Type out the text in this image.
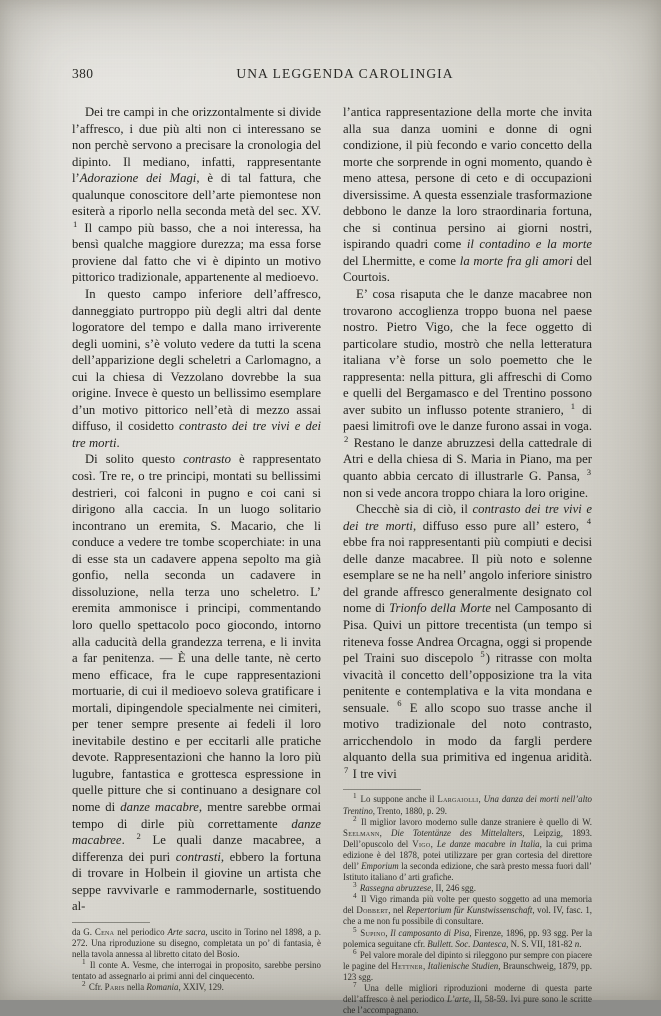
380	UNA LEGGENDA CAROLINGIA

Dei tre campi in che orizzontalmente si divide l’affresco, i due più alti non ci interessano se non perchè servono a precisare la cronologia del dipinto. Il mediano, infatti, rappresentante l’Adorazione dei Magi, è di tal fattura, che qualunque conoscitore dell’arte piemontese non esiterà a riporlo nella seconda metà del sec. XV. $^1$ Il campo più basso, che a noi interessa, ha bensì qualche maggiore durezza; ma essa forse proviene dal fatto che vi è dipinto un motivo pittorico tradizionale, appartenente al medioevo.

In questo campo inferiore dell’affresco, danneggiato purtroppo più degli altri dal dente logoratore del tempo e dalla mano irriverente degli uomini, s’è voluto vedere da tutti la scena dell’apparizione degli scheletri a Carlomagno, a cui la chiesa di Vezzolano dovrebbe la sua origine. Invece è questo un bellissimo esemplare d’un motivo pittorico nell’età di mezzo assai diffuso, il cosidetto contrasto dei tre vivi e dei tre morti.

Di solito questo contrasto è rappresentato così. Tre re, o tre principi, montati su bellissimi destrieri, coi falconi in pugno e coi cani si dirigono alla caccia. In un luogo solitario incontrano un eremita, S. Macario, che li conduce a vedere tre tombe scoperchiate: in una di esse sta un cadavere appena sepolto ma già gonfio, nella seconda un cadavere in dissoluzione, nella terza uno scheletro. L’ eremita ammonisce i principi, commentando loro quello spettacolo poco giocondo, intorno alla caducità della grandezza terrena, e li invita a far penitenza. — È una delle tante, nè certo meno efficace, fra le cupe rappresentazioni mortuarie, di cui il medioevo soleva gratificare i mortali, dipingendole specialmente nei cimiteri, per tener sempre presente ai fedeli il loro inevitabile destino e per eccitarli alle pratiche devote. Rappresentazioni che hanno la loro più lugubre, fantastica e grottesca espressione in quelle pitture che si continuano a designare col nome di danze macabre, mentre sarebbe ormai tempo di dirle più correttamente danze macabree. $^2$ Le quali danze macabree, a differenza dei puri contrasti, ebbero la fortuna di trovare in Holbein il giovine un artista che seppe ravvivarle e rammodernarle, sostituendo al-

da G. Cena nel periodico Arte sacra, uscito in Torino nel 1898, a p. 272. Una riproduzione su disegno, completata un po’ di fantasia, è nella tavola annessa al libretto citato del Bosio.

$^1$ Il conte A. Vesme, che interrogai in proposito, sarebbe persino tentato ad assegnarlo ai primi anni del cinquecento.

$^2$ Cfr. Paris nella Romania, XXIV, 129.

l’antica rappresentazione della morte che invita alla sua danza uomini e donne di ogni condizione, il più fecondo e vario concetto della morte che sorprende in ogni momento, quando è meno attesa, persone di ceto e di occupazioni diversissime. A questa essenziale trasformazione debbono le danze la loro straordinaria fortuna, che si continua persino ai giorni nostri, ispirando quadri come il contadino e la morte del Lhermitte, e come la morte fra gli amori del Courtois.

E’ cosa risaputa che le danze macabree non trovarono accoglienza troppo buona nel paese nostro. Pietro Vigo, che la fece oggetto di particolare studio, mostrò che nella letteratura italiana v’è forse un solo poemetto che le rappresenta: nella pittura, gli affreschi di Como e quelli del Bergamasco e del Trentino possono aver subito un influsso potente straniero, $^1$ di paesi limitrofi ove le danze furono assai in voga. $^2$ Restano le danze abruzzesi della cattedrale di Atri e della chiesa di S. Maria in Piano, ma per quanto abbia cercato di illustrarle G. Pansa, $^3$ non si vede ancora troppo chiara la loro origine.

Checchè sia di ciò, il contrasto dei tre vivi e dei tre morti, diffuso esso pure all’ estero, $^4$ ebbe fra noi rappresentanti più compiuti e decisi delle danze macabree. Il più noto e solenne esemplare se ne ha nell’ angolo inferiore sinistro del grande affresco generalmente designato col nome di Trionfo della Morte nel Camposanto di Pisa. Quivi un pittore trecentista (un tempo si riteneva fosse Andrea Orcagna, oggi si propende pel Traini suo discepolo $^5$) ritrasse con molta vivacità il concetto dell’opposizione tra la vita penitente e contemplativa e la vita mondana e sensuale. $^6$ E allo scopo suo trasse anche il motivo tradizionale del noto contrasto, arricchendolo in modo da fargli perdere alquanto della sua primitiva ed ingenua aridità. $^7$ I tre vivi

$^1$ Lo suppone anche il Largaiolli, Una danza dei morti nell’alto Trentino, Trento, 1880, p. 29.

$^2$ Il miglior lavoro moderno sulle danze straniere è quello di W. Seelmann, Die Totentänze des Mittelalters, Leipzig, 1893. Dell’opuscolo del Vigo, Le danze macabre in Italia, la cui prima edizione è del 1878, potei utilizzare per gran cortesia del direttore dell’ Emporium la seconda edizione, che sarà presto messa fuori dall’ Istituto italiano d’ arti grafiche.

$^3$ Rassegna abruzzese, II, 246 sgg.

$^4$ Il Vigo rimanda più volte per questo soggetto ad una memoria del Dobbert, nel Repertorium für Kunstwissenschaft, vol. IV, fasc. 1, che a me non fu possibile di consultare.

$^5$ Supino, Il camposanto di Pisa, Firenze, 1896, pp. 93 sgg. Per la polemica seguitane cfr. Bullett. Soc. Dantesca, N. S. VII, 181-82 n.

$^6$ Pel valore morale del dipinto si rileggono pur sempre con piacere le pagine del Hettner, Italienische Studien, Braunschweig, 1879, pp. 123 sgg.

$^7$ Una delle migliori riproduzioni moderne di questa parte dell’affresco è nel periodico L’arte, II, 58-59. Ivi pure sono le scritte che l’accompagnano.
